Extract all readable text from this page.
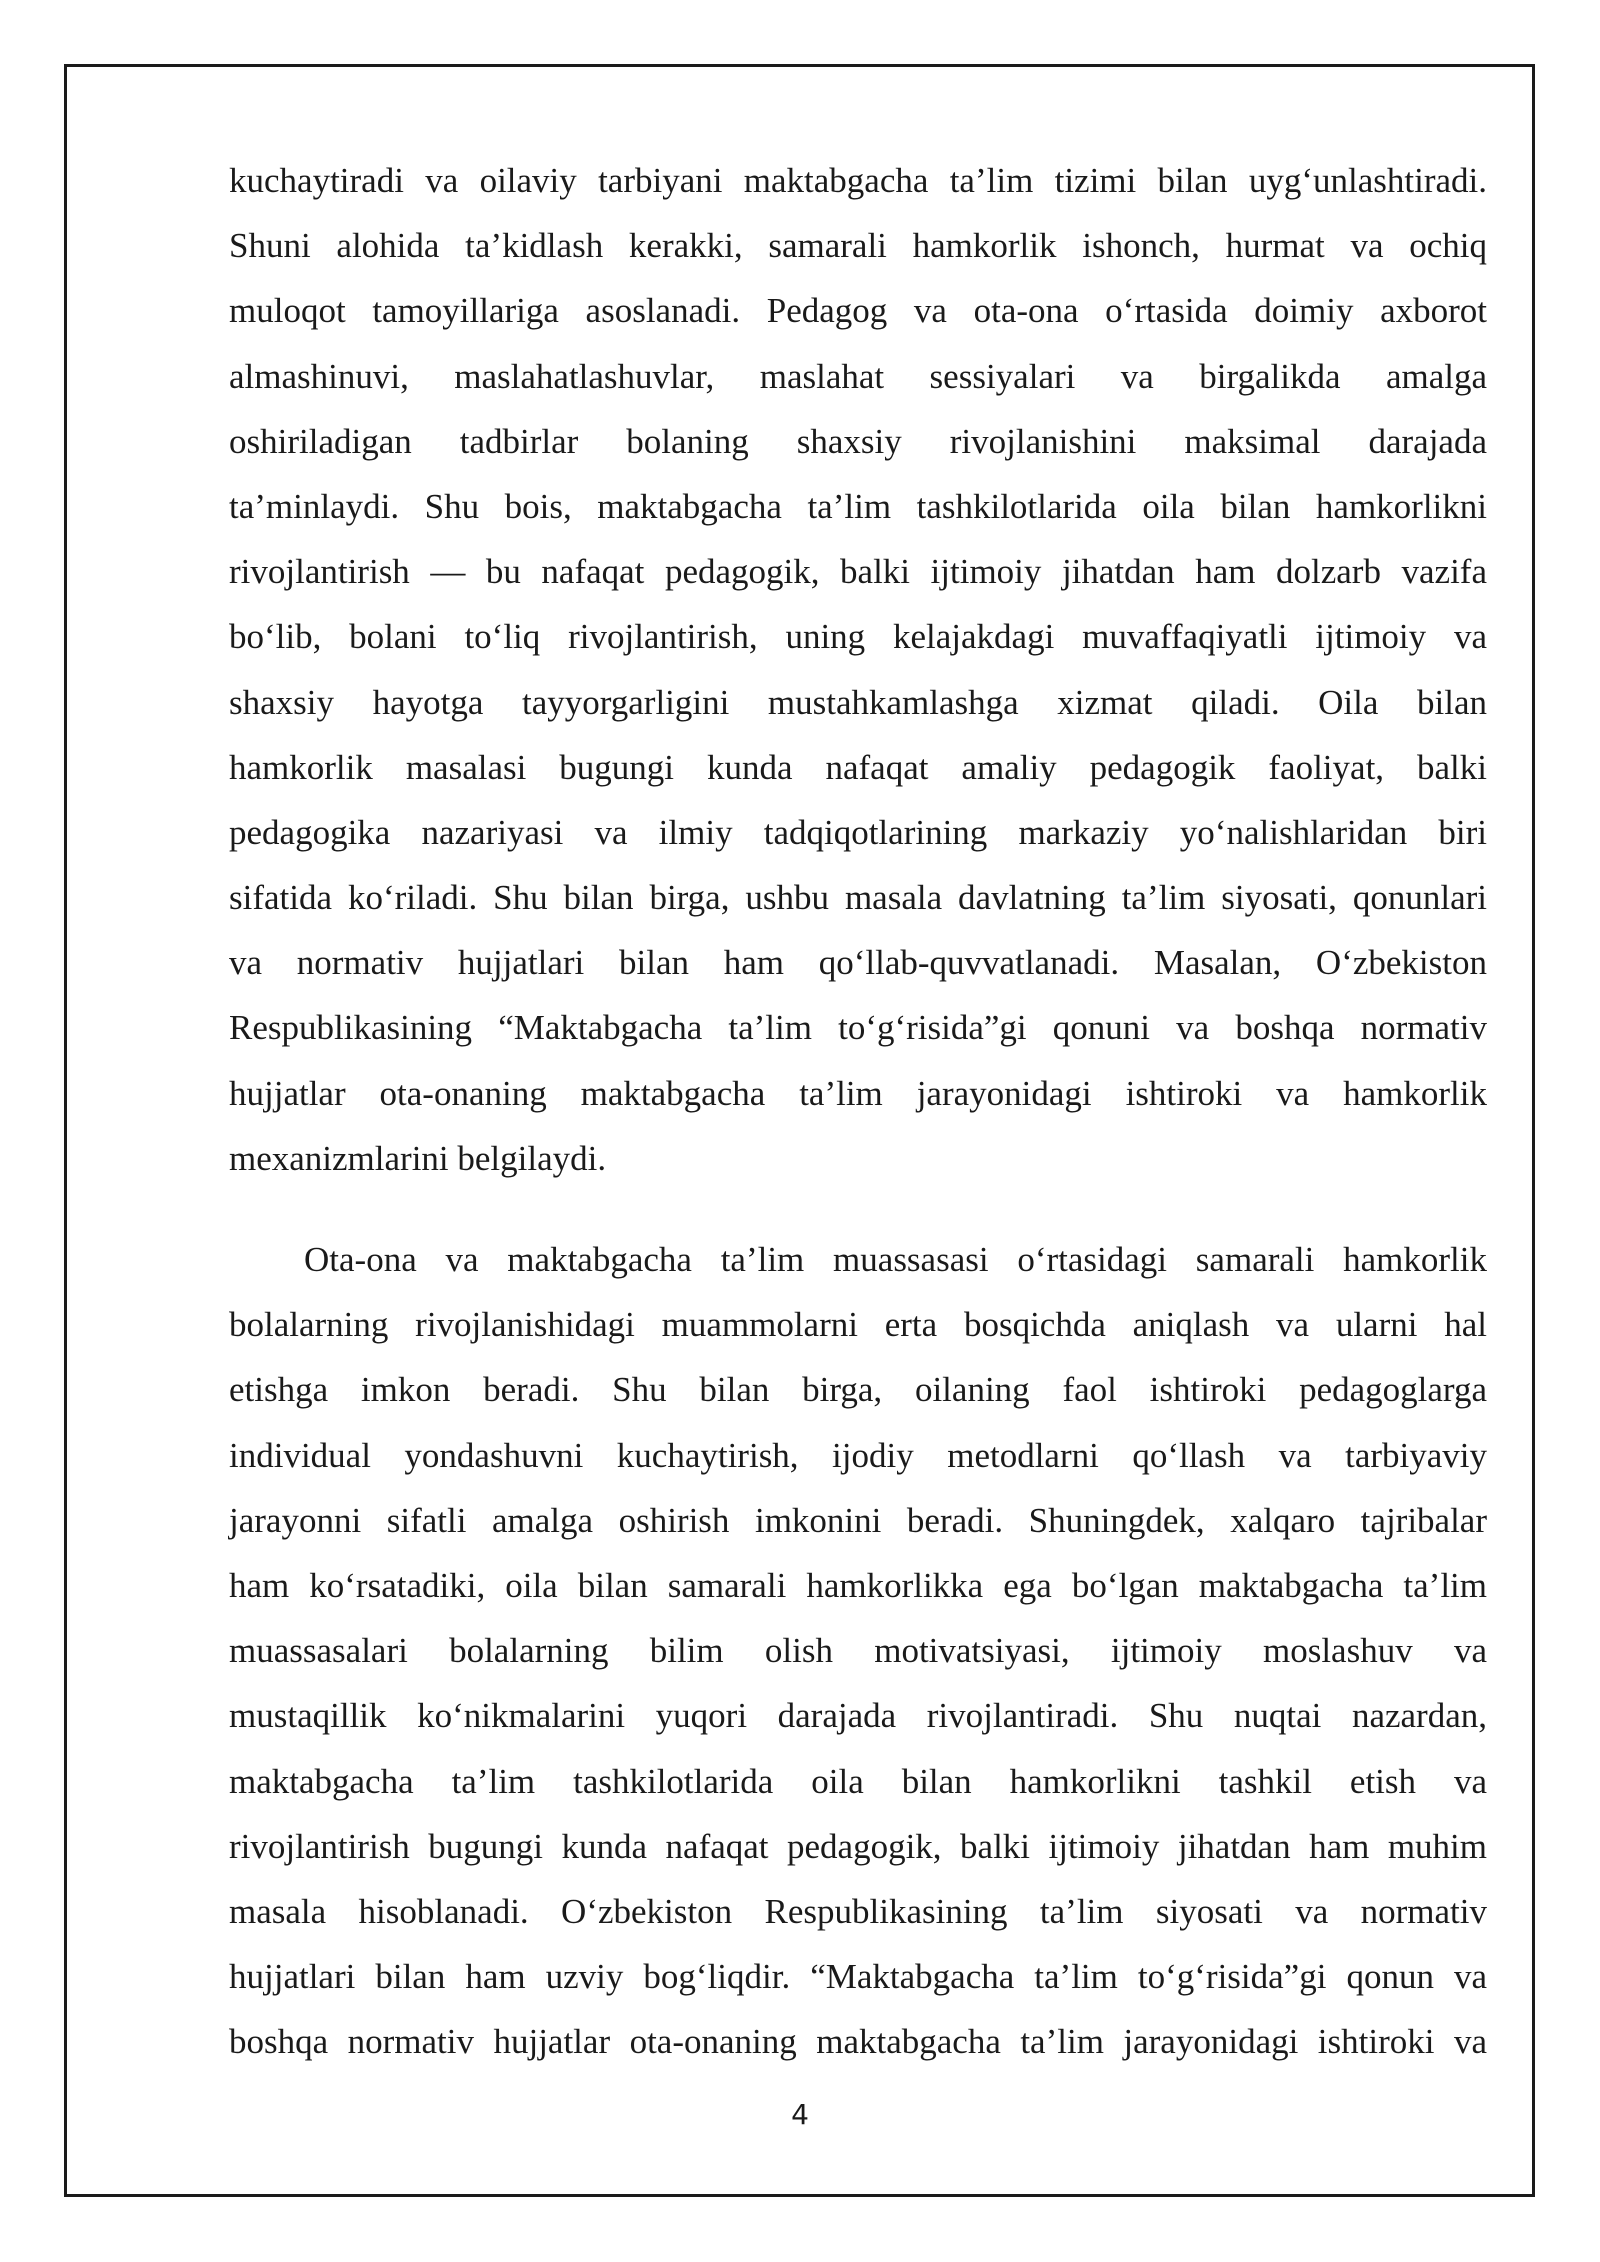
kuchaytiradi va oilaviy tarbiyani maktabgacha ta’lim tizimi bilan uyg‘unlashtiradi.
Shuni alohida ta’kidlash kerakki, samarali hamkorlik ishonch, hurmat va ochiq
muloqot tamoyillariga asoslanadi. Pedagog va ota-ona o‘rtasida doimiy axborot
almashinuvi, maslahatlashuvlar, maslahat sessiyalari va birgalikda amalga
oshiriladigan tadbirlar bolaning shaxsiy rivojlanishini maksimal darajada
ta’minlaydi. Shu bois, maktabgacha ta’lim tashkilotlarida oila bilan hamkorlikni
rivojlantirish — bu nafaqat pedagogik, balki ijtimoiy jihatdan ham dolzarb vazifa
bo‘lib, bolani to‘liq rivojlantirish, uning kelajakdagi muvaffaqiyatli ijtimoiy va
shaxsiy hayotga tayyorgarligini mustahkamlashga xizmat qiladi. Oila bilan
hamkorlik masalasi bugungi kunda nafaqat amaliy pedagogik faoliyat, balki
pedagogika nazariyasi va ilmiy tadqiqotlarining markaziy yo‘nalishlaridan biri
sifatida ko‘riladi. Shu bilan birga, ushbu masala davlatning ta’lim siyosati, qonunlari
va normativ hujjatlari bilan ham qo‘llab-quvvatlanadi. Masalan, O‘zbekiston
Respublikasining “Maktabgacha ta’lim to‘g‘risida”gi qonuni va boshqa normativ
hujjatlar ota-onaning maktabgacha ta’lim jarayonidagi ishtiroki va hamkorlik
mexanizmlarini belgilaydi.
Ota-ona va maktabgacha ta’lim muassasasi o‘rtasidagi samarali hamkorlik
bolalarning rivojlanishidagi muammolarni erta bosqichda aniqlash va ularni hal
etishga imkon beradi. Shu bilan birga, oilaning faol ishtiroki pedagoglarga
individual yondashuvni kuchaytirish, ijodiy metodlarni qo‘llash va tarbiyaviy
jarayonni sifatli amalga oshirish imkonini beradi. Shuningdek, xalqaro tajribalar
ham ko‘rsatadiki, oila bilan samarali hamkorlikka ega bo‘lgan maktabgacha ta’lim
muassasalari bolalarning bilim olish motivatsiyasi, ijtimoiy moslashuv va
mustaqillik ko‘nikmalarini yuqori darajada rivojlantiradi. Shu nuqtai nazardan,
maktabgacha ta’lim tashkilotlarida oila bilan hamkorlikni tashkil etish va
rivojlantirish bugungi kunda nafaqat pedagogik, balki ijtimoiy jihatdan ham muhim
masala hisoblanadi. O‘zbekiston Respublikasining ta’lim siyosati va normativ
hujjatlari bilan ham uzviy bog‘liqdir. “Maktabgacha ta’lim to‘g‘risida”gi qonun va
boshqa normativ hujjatlar ota-onaning maktabgacha ta’lim jarayonidagi ishtiroki va
4
